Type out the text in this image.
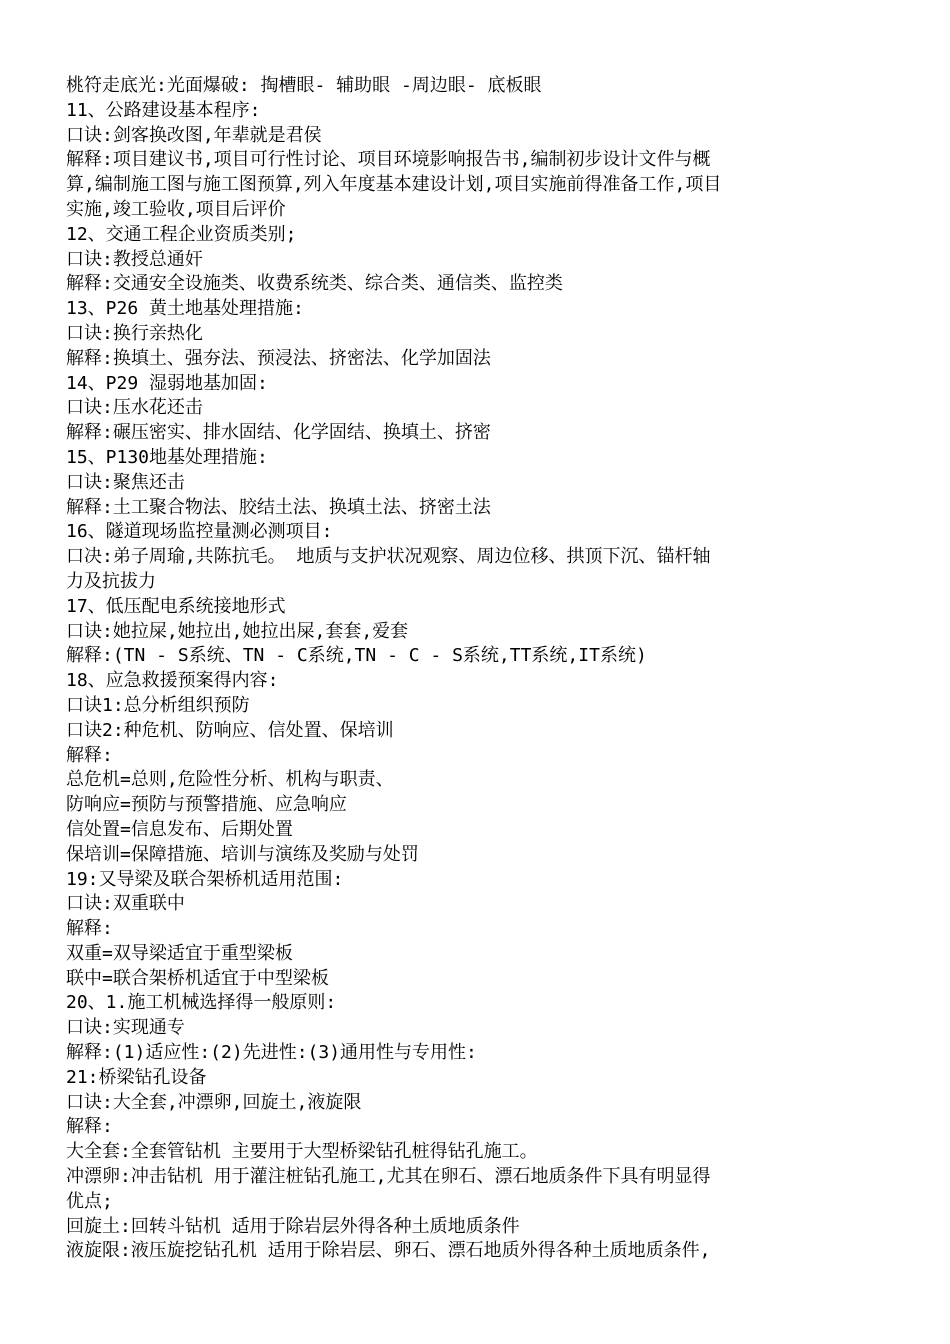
桃符走底光:光面爆破: 掏槽眼- 辅助眼 -周边眼- 底板眼
11、公路建设基本程序:
口诀:剑客换改图,年辈就是君侯
解释:项目建议书,项目可行性讨论、项目环境影响报告书,编制初步设计文件与概
算,编制施工图与施工图预算,列入年度基本建设计划,项目实施前得准备工作,项目
实施,竣工验收,项目后评价
12、交通工程企业资质类别;
口诀:教授总通奸
解释:交通安全设施类、收费系统类、综合类、通信类、监控类
13、P26 黄土地基处理措施:
口诀:换行亲热化
解释:换填土、强夯法、预浸法、挤密法、化学加固法
14、P29 湿弱地基加固:
口诀:压水花还击
解释:碾压密实、排水固结、化学固结、换填土、挤密
15、P130地基处理措施:
口诀:聚焦还击
解释:土工聚合物法、胶结土法、换填土法、挤密土法
16、隧道现场监控量测必测项目:
口决:弟子周瑜,共陈抗毛。 地质与支护状况观察、周边位移、拱顶下沉、锚杆轴
力及抗拔力
17、低压配电系统接地形式
口诀:她拉屎,她拉出,她拉出屎,套套,爱套
解释:(TN - S系统、TN - C系统,TN - C - S系统,TT系统,IT系统)
18、应急救援预案得内容:
口诀1:总分析组织预防
口诀2:种危机、防响应、信处置、保培训
解释:
总危机=总则,危险性分析、机构与职责、
防响应=预防与预警措施、应急响应
信处置=信息发布、后期处置
保培训=保障措施、培训与演练及奖励与处罚
19:又导梁及联合架桥机适用范围:
口诀:双重联中
解释:
双重=双导梁适宜于重型梁板
联中=联合架桥机适宜于中型梁板
20、1.施工机械选择得一般原则:
口诀:实现通专
解释:(1)适应性:(2)先进性:(3)通用性与专用性:
21:桥梁钻孔设备
口诀:大全套,冲漂卵,回旋土,液旋限
解释:
大全套:全套管钻机 主要用于大型桥梁钻孔桩得钻孔施工。
冲漂卵:冲击钻机 用于灌注桩钻孔施工,尤其在卵石、漂石地质条件下具有明显得
优点;
回旋土:回转斗钻机 适用于除岩层外得各种土质地质条件
液旋限:液压旋挖钻孔机 适用于除岩层、卵石、漂石地质外得各种土质地质条件,
